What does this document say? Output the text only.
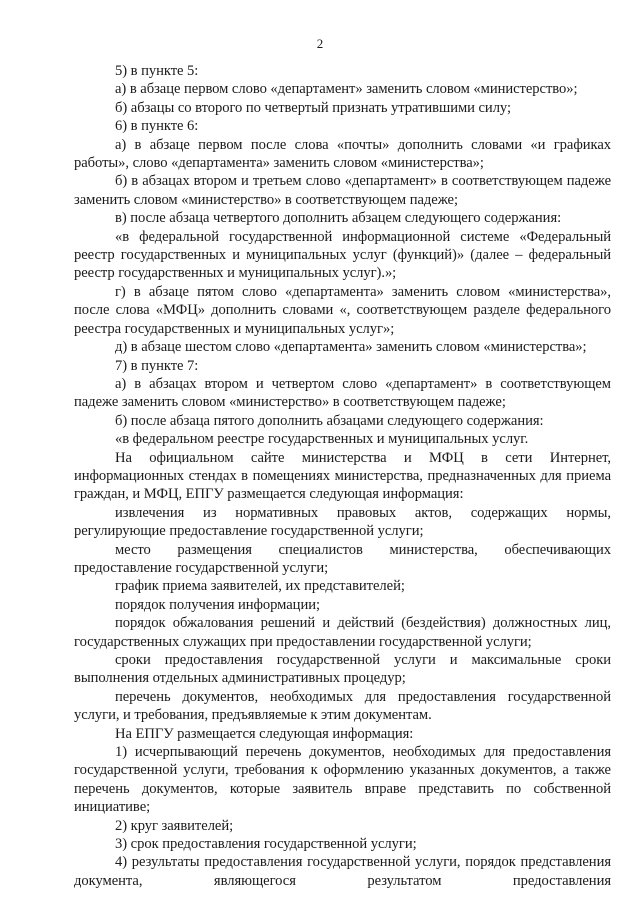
2

5) в пункте 5:

а) в абзаце первом слово «департамент» заменить словом «министерство»;

б) абзацы со второго по четвертый признать утратившими силу;

6) в пункте 6:

а) в абзаце первом после слова «почты» дополнить словами «и графиках работы», слово «департамента» заменить словом «министерства»;

б) в абзацах втором и третьем слово «департамент» в соответствующем падеже заменить словом «министерство» в соответствующем падеже;

в) после абзаца четвертого дополнить абзацем следующего содержания:

«в федеральной государственной информационной системе «Федеральный реестр государственных и муниципальных услуг (функций)» (далее – федеральный реестр государственных и муниципальных услуг).»;

г) в абзаце пятом слово «департамента» заменить словом «министерства», после слова «МФЦ» дополнить словами «, соответствующем разделе федерального реестра государственных и муниципальных услуг»;

д) в абзаце шестом слово «департамента» заменить словом «министерства»;

7) в пункте 7:

а) в абзацах втором и четвертом слово «департамент» в соответствующем падеже заменить словом «министерство» в соответствующем падеже;

б) после абзаца пятого дополнить абзацами следующего содержания:

«в федеральном реестре государственных и муниципальных услуг.

На официальном сайте министерства и МФЦ в сети Интернет, информационных стендах в помещениях министерства, предназначенных для приема граждан, и МФЦ, ЕПГУ размещается следующая информация:

извлечения из нормативных правовых актов, содержащих нормы, регулирующие предоставление государственной услуги;

место размещения специалистов министерства, обеспечивающих предоставление государственной услуги;

график приема заявителей, их представителей;

порядок получения информации;

порядок обжалования решений и действий (бездействия) должностных лиц, государственных служащих при предоставлении государственной услуги;

сроки предоставления государственной услуги и максимальные сроки выполнения отдельных административных процедур;

перечень документов, необходимых для предоставления государственной услуги, и требования, предъявляемые к этим документам.

На ЕПГУ размещается следующая информация:

1) исчерпывающий перечень документов, необходимых для предоставления государственной услуги, требования к оформлению указанных документов, а также перечень документов, которые заявитель вправе представить по собственной инициативе;

2) круг заявителей;

3) срок предоставления государственной услуги;

4) результаты предоставления государственной услуги, порядок представления документа, являющегося результатом предоставления
